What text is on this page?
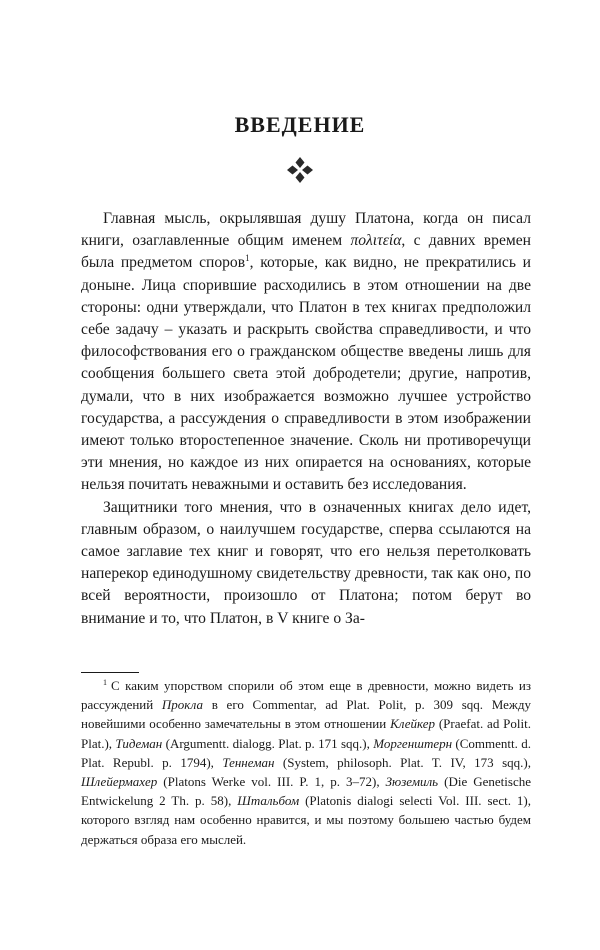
ВВЕДЕНИЕ

Главная мысль, окрылявшая душу Платона, когда он писал книги, озаглавленные общим именем πολιτεία, с давних времен была предметом споров$^1$, которые, как видно, не прекратились и доныне. Лица спорившие расходились в этом отношении на две стороны: одни утверждали, что Платон в тех книгах предположил себе задачу – указать и раскрыть свойства справедливости, и что философствования его о гражданском обществе введены лишь для сообщения большего света этой добродетели; другие, напротив, думали, что в них изображается возможно лучшее устройство государства, а рассуждения о справедливости в этом изображении имеют только второстепенное значение. Сколь ни противоречущи эти мнения, но каждое из них опирается на основаниях, которые нельзя почитать неважными и оставить без исследования.

Защитники того мнения, что в означенных книгах дело идет, главным образом, о наилучшем государстве, сперва ссылаются на самое заглавие тех книг и говорят, что его нельзя перетолковать наперекор единодушному свидетельству древности, так как оно, по всей вероятности, произошло от Платона; потом берут во внимание и то, что Платон, в V книге о За-

$^1$ С каким упорством спорили об этом еще в древности, можно видеть из рассуждений Прокла в его Commentar, ad Plat. Polit, p. 309 sqq. Между новейшими особенно замечательны в этом отношении Клейкер (Praefat. ad Polit. Plat.), Тидеман (Argumentt. dialogg. Plat. p. 171 sqq.), Моргенштерн (Commentt. d. Plat. Republ. p. 1794), Теннеман (System, philosoph. Plat. T. IV, 173 sqq.), Шлейермахер (Platons Werke vol. III. P. 1, p. 3–72), Зюземиль (Die Genetische Entwickelung 2 Th. p. 58), Штальбом (Platonis dialogi selecti Vol. III. sect. 1), которого взгляд нам особенно нравится, и мы поэтому большею частью будем держаться образа его мыслей.
